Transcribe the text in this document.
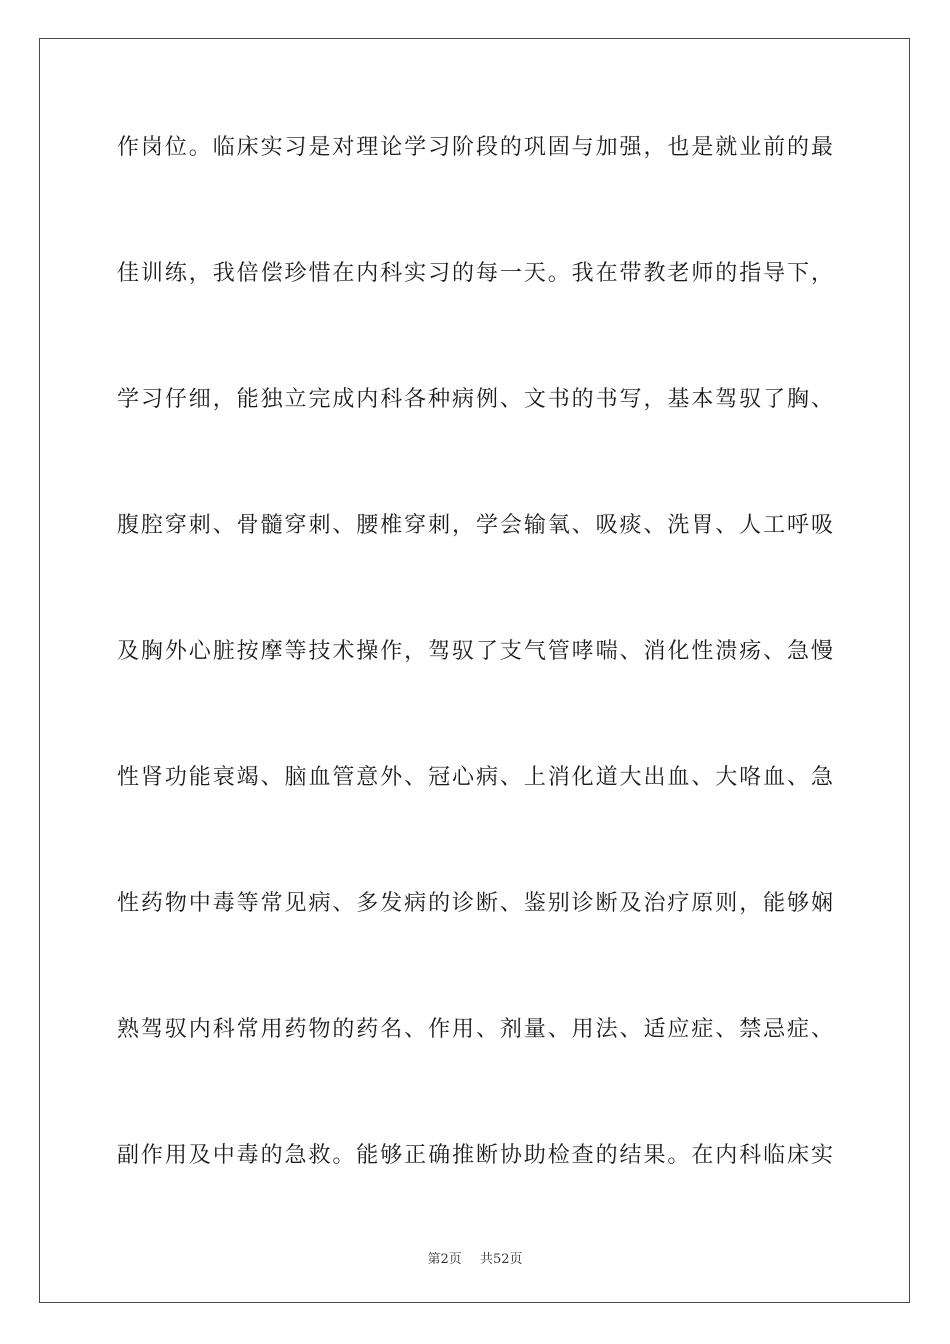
作岗位。临床实习是对理论学习阶段的巩固与加强，也是就业前的最

佳训练，我倍偿珍惜在内科实习的每一天。我在带教老师的指导下，

学习仔细，能独立完成内科各种病例、文书的书写，基本驾驭了胸、

腹腔穿刺、骨髓穿刺、腰椎穿刺，学会输氧、吸痰、洗胃、人工呼吸

及胸外心脏按摩等技术操作，驾驭了支气管哮喘、消化性溃疡、急慢

性肾功能衰竭、脑血管意外、冠心病、上消化道大出血、大咯血、急

性药物中毒等常见病、多发病的诊断、鉴别诊断及治疗原则，能够娴

熟驾驭内科常用药物的药名、作用、剂量、用法、适应症、禁忌症、

副作用及中毒的急救。能够正确推断协助检查的结果。在内科临床实

第2页 共52页
